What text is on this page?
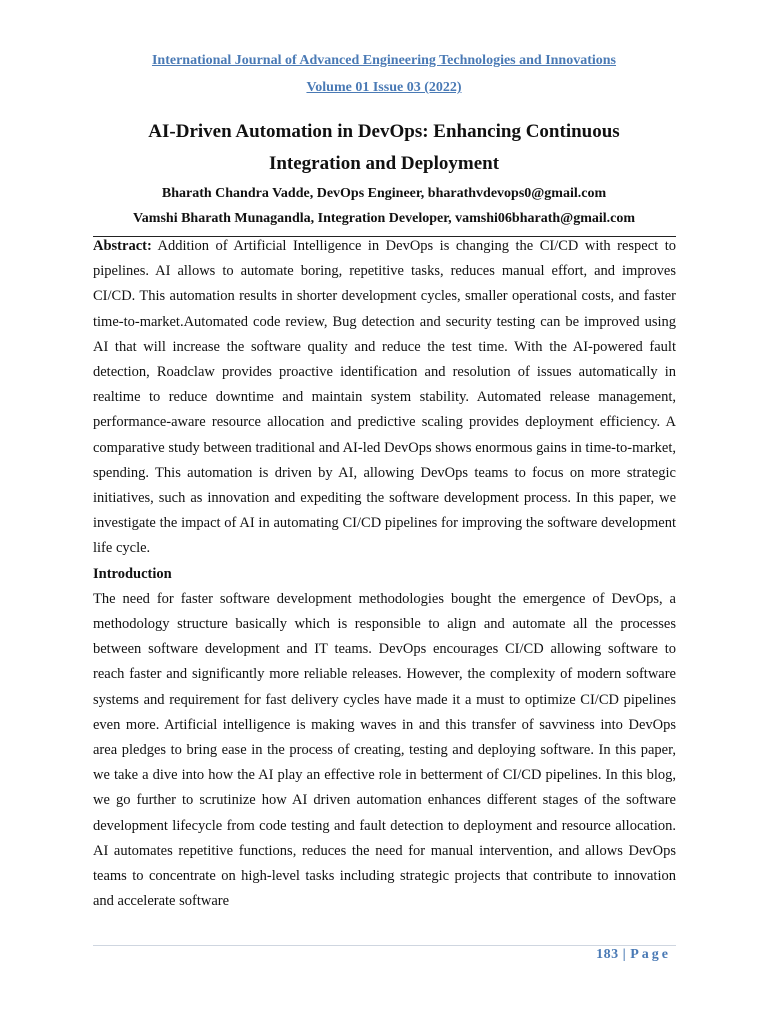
International Journal of Advanced Engineering Technologies and Innovations
Volume 01 Issue 03 (2022)
AI-Driven Automation in DevOps: Enhancing Continuous
Integration and Deployment
Bharath Chandra Vadde, DevOps Engineer, bharathvdevops0@gmail.com
Vamshi Bharath Munagandla, Integration Developer, vamshi06bharath@gmail.com

Abstract: Addition of Artificial Intelligence in DevOps is changing the CI/CD with respect to pipelines. AI allows to automate boring, repetitive tasks, reduces manual effort, and improves CI/CD. This automation results in shorter development cycles, smaller operational costs, and faster time-to-market.Automated code review, Bug detection and security testing can be improved using AI that will increase the software quality and reduce the test time. With the AI-powered fault detection, Roadclaw provides proactive identification and resolution of issues automatically in realtime to reduce downtime and maintain system stability. Automated release management, performance-aware resource allocation and predictive scaling provides deployment efficiency. A comparative study between traditional and AI-led DevOps shows enormous gains in time-to-market, spending. This automation is driven by AI, allowing DevOps teams to focus on more strategic initiatives, such as innovation and expediting the software development process. In this paper, we investigate the impact of AI in automating CI/CD pipelines for improving the software development life cycle.

Introduction

The need for faster software development methodologies bought the emergence of DevOps, a methodology structure basically which is responsible to align and automate all the processes between software development and IT teams. DevOps encourages CI/CD allowing software to reach faster and significantly more reliable releases. However, the complexity of modern software systems and requirement for fast delivery cycles have made it a must to optimize CI/CD pipelines even more. Artificial intelligence is making waves in and this transfer of savviness into DevOps area pledges to bring ease in the process of creating, testing and deploying software. In this paper, we take a dive into how the AI play an effective role in betterment of CI/CD pipelines. In this blog, we go further to scrutinize how AI driven automation enhances different stages of the software development lifecycle from code testing and fault detection to deployment and resource allocation. AI automates repetitive functions, reduces the need for manual intervention, and allows DevOps teams to concentrate on high-level tasks including strategic projects that contribute to innovation and accelerate software

183 | Page
